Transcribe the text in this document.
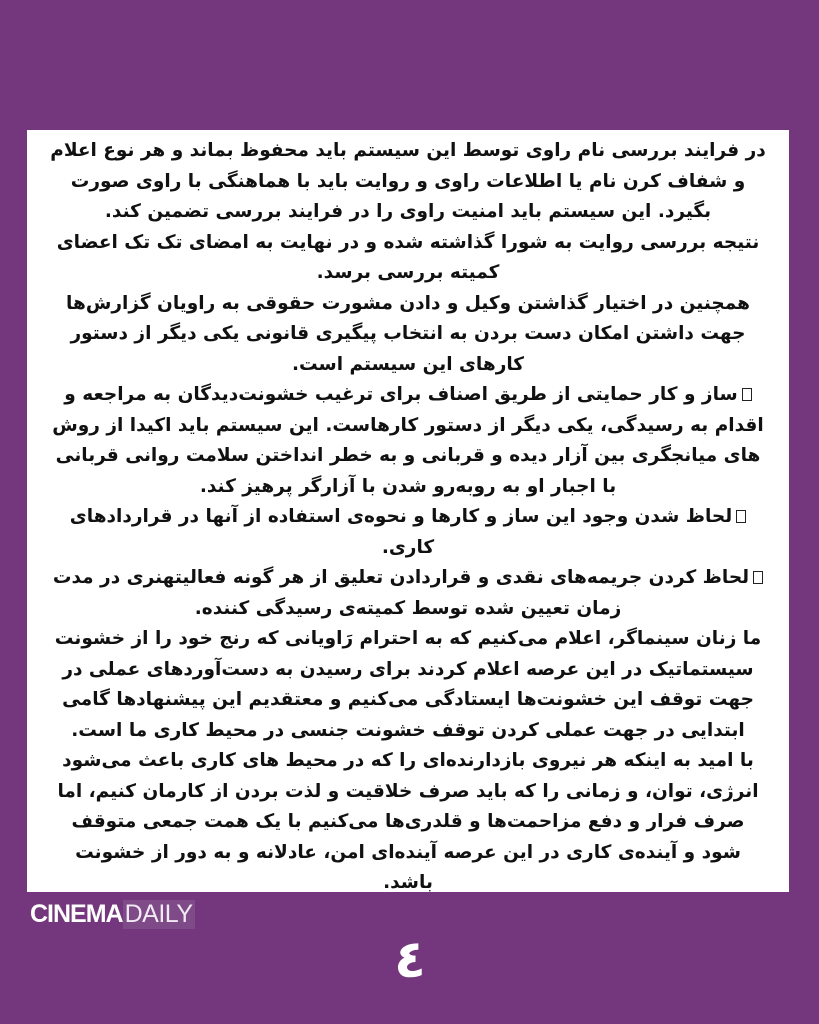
در فرایند بررسی نام راوی توسط این سیستم باید محفوظ بماند و هر نوع اعلام و شفاف کرن نام یا اطلاعات راوی و روایت باید با هماهنگی با راوی صورت بگیرد. این سیستم باید امنیت راوی را در فرایند بررسی تضمین کند.

نتیجه بررسی روایت به شورا گذاشته شده و در نهایت به امضای تک تک اعضای کمیته بررسی برسد.

همچنین در اختیار گذاشتن وکیل و دادن مشورت حقوقی به راویان گزارش‌ها جهت داشتن امکان دست بردن به انتخاب پیگیری قانونی یکی دیگر از دستور کارهای این سیستم است.

ساز و کار حمایتی از طریق اصناف برای ترغیب خشونت‌دیدگان به مراجعه و اقدام به رسیدگی، یکی دیگر از دستور کارهاست. این سیستم باید اکیدا از روش های میانجگری بین آزار دیده و قربانی و به خطر انداختن سلامت روانی قربانی با اجبار او به روبه‌رو شدن با آزارگر پرهیز کند.

لحاظ شدن وجود این ساز و کارها و نحوه‌ی استفاده از آنها در قراردادهای کاری.

لحاظ کردن جریمه‌های نقدی و قراردادن تعلیق از هر گونه فعالیتهنری در مدت زمان تعیین شده توسط کمیته‌ی رسیدگی کننده.

ما زنان سینماگر، اعلام می‌کنیم که به احترام رَاویانی که رنج خود را از خشونت سیستماتیک در این عرصه اعلام کردند برای رسیدن به دست‌آوردهای عملی در جهت توقف این خشونت‌ها ایستادگی می‌کنیم و معتقدیم این پیشنهادها گامی ابتدایی در جهت عملی کردن توقف خشونت جنسی در محیط کاری ما است.

با امید به اینکه هر نیروی بازدارنده‌ای را که در محیط های کاری باعث می‌شود انرژی، توان، و زمانی را که باید صرف خلاقیت و لذت بردن از کارمان کنیم، اما صرف فرار و دفع مزاحمت‌ها و قلدری‌ها می‌کنیم با یک همت جمعی متوقف شود و آینده‌ی کاری در این عرصه آینده‌ای امن، عادلانه و به دور از خشونت باشد.

CINEMA DAILY
٤
